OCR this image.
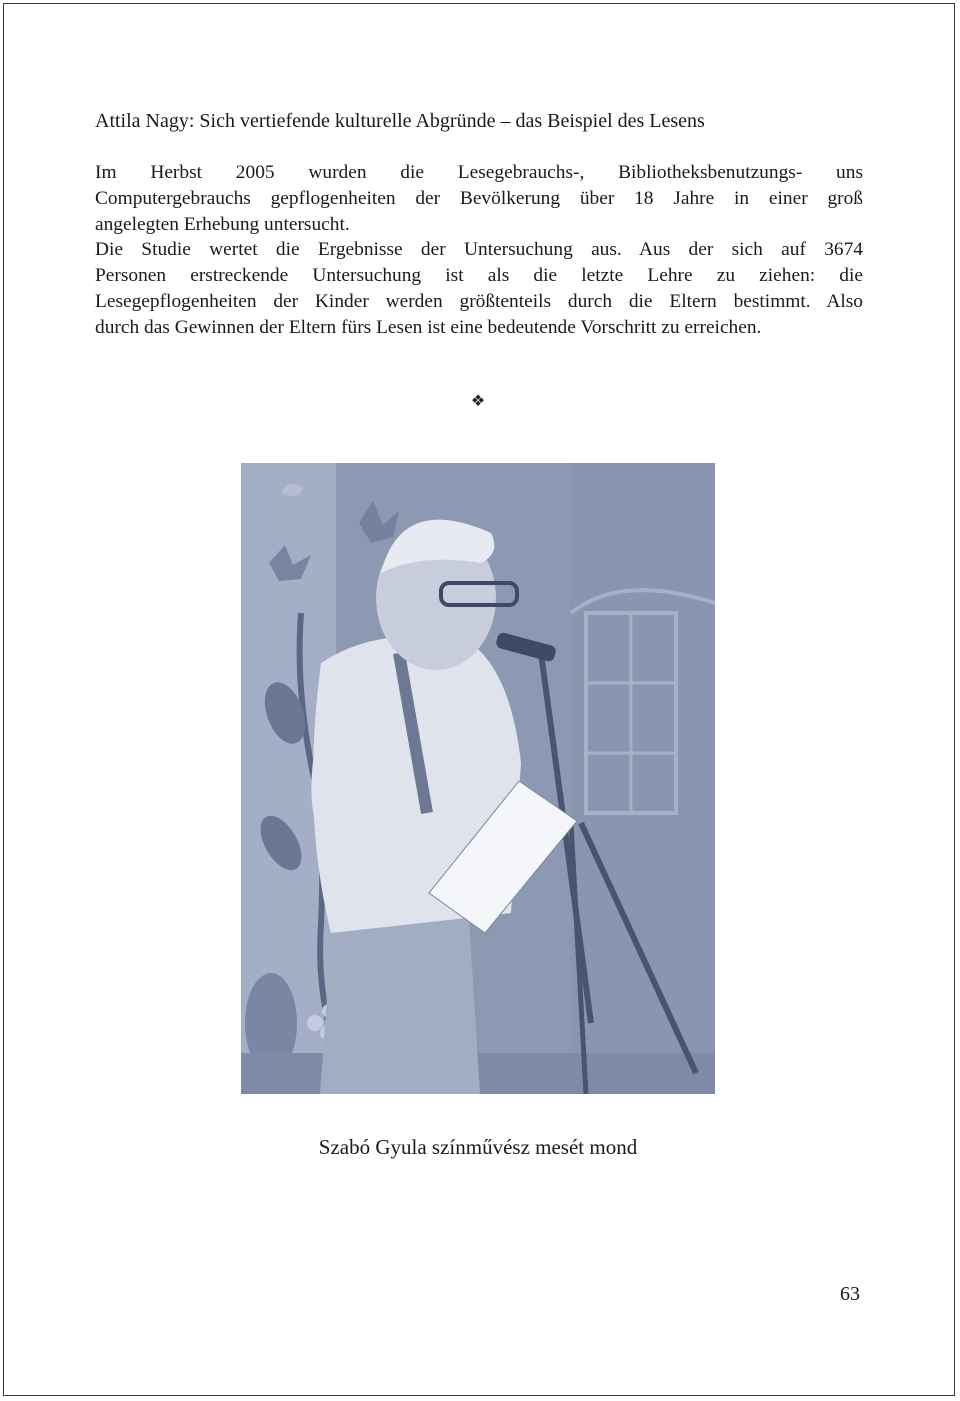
Attila Nagy: Sich vertiefende kulturelle Abgründe – das Beispiel des Lesens
Im Herbst 2005 wurden die Lesegebrauchs-, Bibliotheksbenutzungs- uns
Computergebrauchs gepflogenheiten der Bevölkerung über 18 Jahre in einer groß
angelegten Erhebung untersucht.
Die Studie wertet die Ergebnisse der Untersuchung aus. Aus der sich auf 3674
Personen erstreckende Untersuchung ist als die letzte Lehre zu ziehen: die
Lesegepflogenheiten der Kinder werden größtenteils durch die Eltern bestimmt. Also
durch das Gewinnen der Eltern fürs Lesen ist eine bedeutende Vorschritt zu erreichen.
❖
Szabó Gyula színművész mesét mond
63
